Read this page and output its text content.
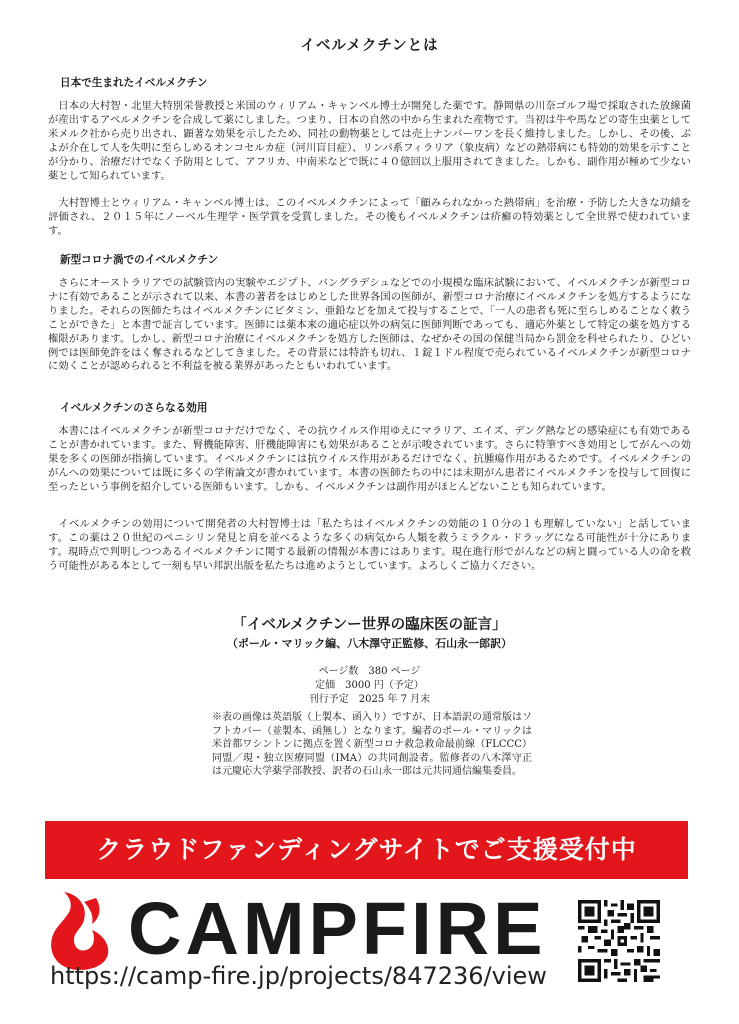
イベルメクチンとは
日本で生まれたイベルメクチン

日本の大村智・北里大特別栄誉教授と米国のウィリアム・キャンベル博士が開発した薬です。静岡県の川奈ゴルフ場で採取された放線菌が産出するアベルメクチンを合成して薬にしました。つまり、日本の自然の中から生まれた産物です。当初は牛や馬などの寄生虫薬として米メルク社から売り出され、顕著な効果を示したため、同社の動物薬としては売上ナンバーワンを長く維持しました。しかし、その後、ぶよが介在して人を失明に至らしめるオンコセルカ症（河川盲目症）、リンパ系フィラリア（象皮病）などの熱帯病にも特効的効果を示すことが分かり、治療だけでなく予防用として、アフリカ、中南米などで既に４０億回以上服用されてきました。しかも、副作用が極めて少ない薬として知られています。

大村智博士とウィリアム・キャンベル博士は、このイベルメクチンによって「顧みられなかった熱帯病」を治療・予防した大きな功績を評価され、２０１５年にノーベル生理学・医学賞を受賞しました。その後もイベルメクチンは疥癬の特効薬として全世界で使われています。

新型コロナ渦でのイベルメクチン

さらにオーストラリアでの試験管内の実験やエジプト、バングラデシュなどでの小規模な臨床試験において、イベルメクチンが新型コロナに有効であることが示されて以来、本書の著者をはじめとした世界各国の医師が、新型コロナ治療にイベルメクチンを処方するようになりました。それらの医師たちはイベルメクチンにビタミン、亜鉛などを加えて投与することで、「一人の患者も死に至らしめることなく救うことができた」と本書で証言しています。医師には薬本来の適応症以外の病気に医師判断であっても、適応外薬として特定の薬を処方する権限があります。しかし、新型コロナ治療にイベルメクチンを処方した医師は、なぜかその国の保健当局から罰金を科せられたり、ひどい例では医師免許をはく奪されるなどしてきました。その背景には特許も切れ、１錠１ドル程度で売られているイベルメクチンが新型コロナに効くことが認められると不利益を被る業界があったともいわれています。

イベルメクチンのさらなる効用

本書にはイベルメクチンが新型コロナだけでなく、その抗ウイルス作用ゆえにマラリア、エイズ、デング熱などの感染症にも有効であることが書かれています。また、腎機能障害、肝機能障害にも効果があることが示唆されています。さらに特筆すべき効用としてがんへの効果を多くの医師が指摘しています。イベルメクチンには抗ウイルス作用があるだけでなく、抗腫瘍作用があるためです。イベルメクチンのがんへの効果については既に多くの学術論文が書かれています。本書の医師たちの中には末期がん患者にイベルメクチンを投与して回復に至ったという事例を紹介している医師もいます。しかも、イベルメクチンは副作用がほとんどないことも知られています。

イベルメクチンの効用について開発者の大村智博士は「私たちはイベルメクチンの効能の１０分の１も理解していない」と話しています。この薬は２０世紀のペニシリン発見と肩を並べるような多くの病気から人類を救うミラクル・ドラッグになる可能性が十分にあります。現時点で判明しつつあるイベルメクチンに関する最新の情報が本書にはあります。現在進行形でがんなどの病と闘っている人の命を救う可能性がある本として一刻も早い邦訳出版を私たちは進めようとしています。よろしくご協力ください。

「イベルメクチンー世界の臨床医の証言」
（ポール・マリック編、八木澤守正監修、石山永一郎訳）
ページ数　380 ページ
定価　3000 円（予定）
刊行予定　2025 年 7 月末

※表の画像は英語版（上製本、函入り）ですが、日本語訳の通常版はソフトカバー（並製本、函無し）となります。編者のポール・マリックは米首都ワシントンに拠点を置く新型コロナ救急救命最前線（FLCCC）同盟／現・独立医療同盟（IMA）の共同創設者。監修者の八木澤守正は元慶応大学薬学部教授、訳者の石山永一郎は元共同通信編集委員。

クラウドファンディングサイトでご支援受付中
CAMPFIRE
https://camp-fire.jp/projects/847236/view
